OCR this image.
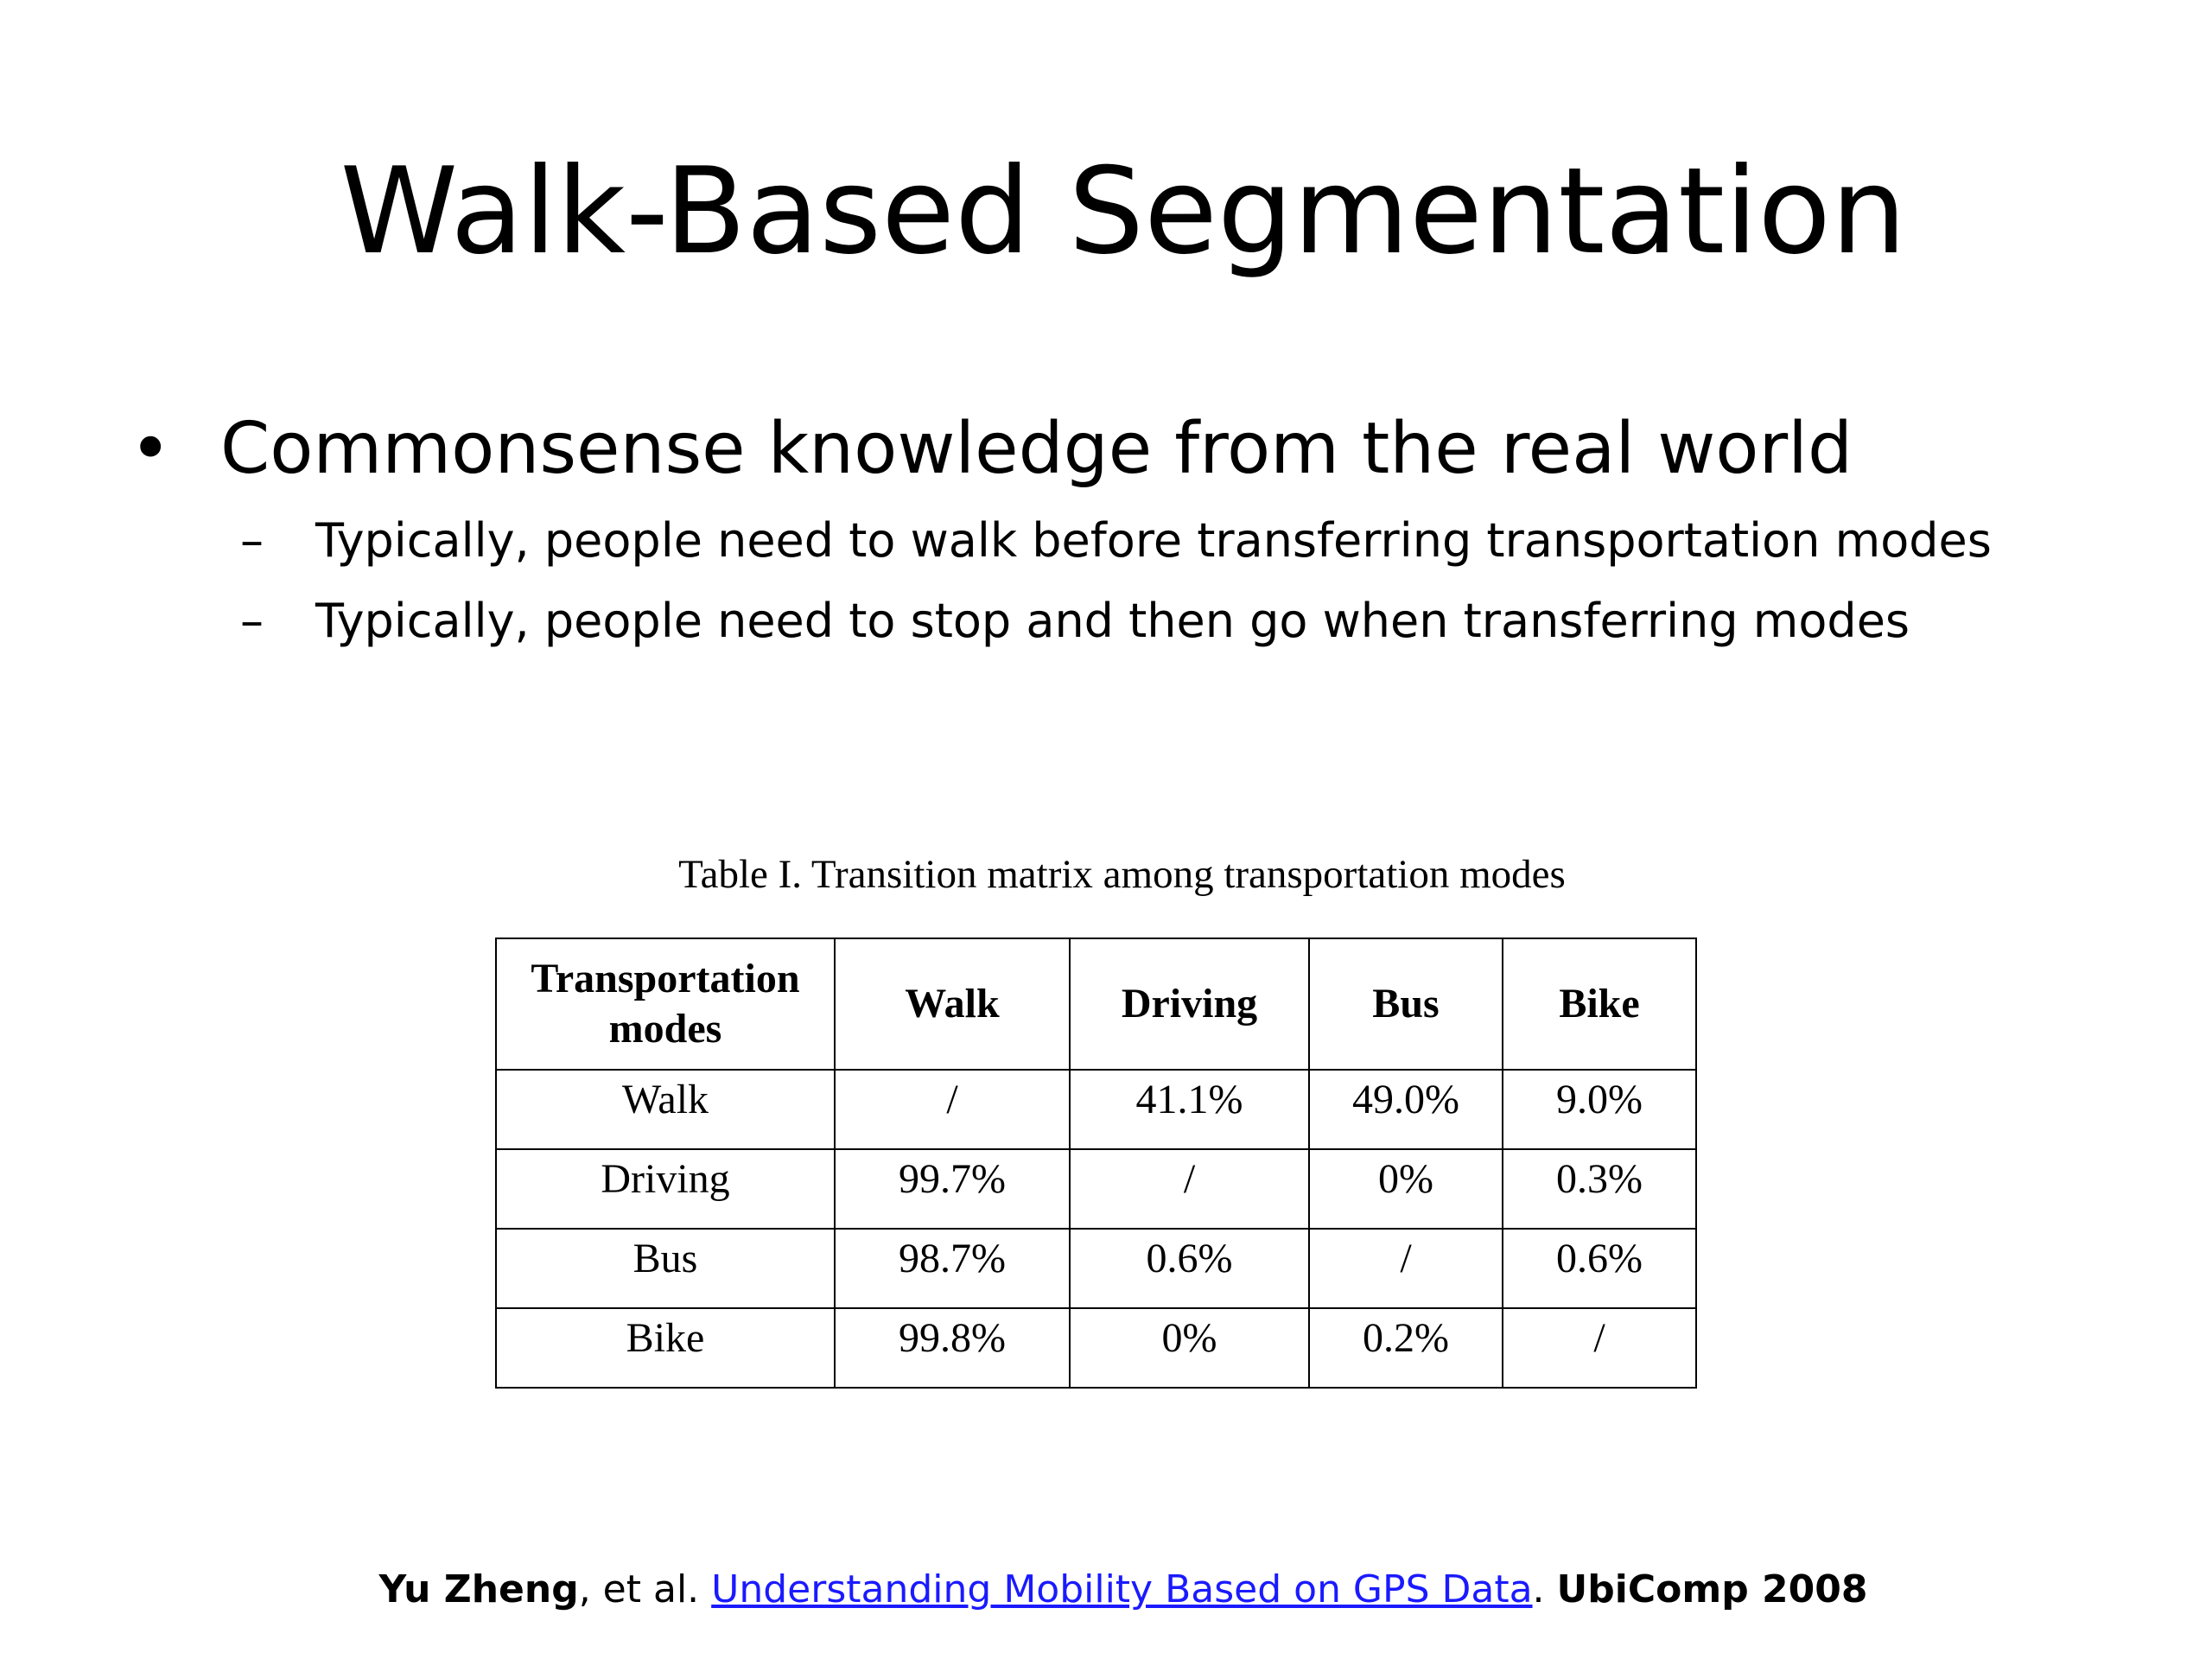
Walk-Based Segmentation
• Commonsense knowledge from the real world
– Typically, people need to walk before transferring transportation modes
– Typically, people need to stop and then go when transferring modes
Table I. Transition matrix among transportation modes
Transportation modes	Walk	Driving	Bus	Bike
Walk	/	41.1%	49.0%	9.0%
Driving	99.7%	/	0%	0.3%
Bus	98.7%	0.6%	/	0.6%
Bike	99.8%	0%	0.2%	/
Yu Zheng, et al. Understanding Mobility Based on GPS Data. UbiComp 2008
